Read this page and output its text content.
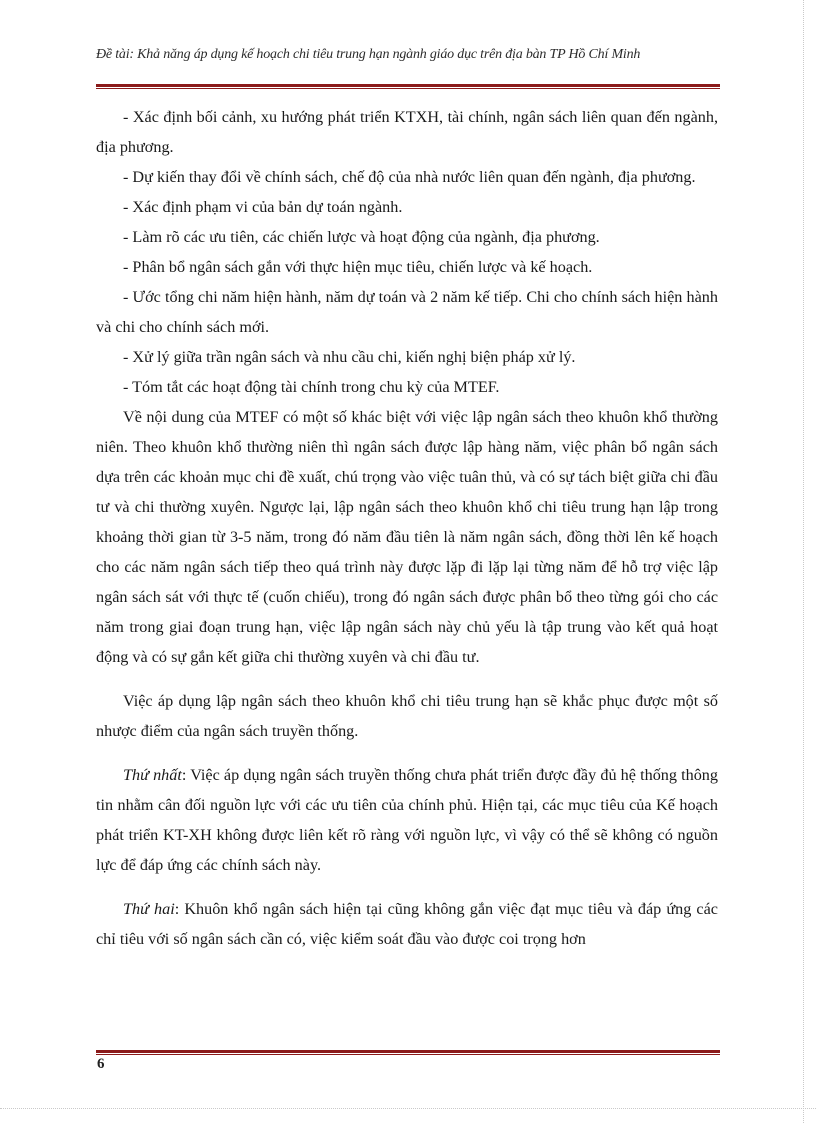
Đề tài: Khả năng áp dụng kế hoạch chi tiêu trung hạn ngành giáo dục trên địa bàn TP Hồ Chí Minh

- Xác định bối cảnh, xu hướng phát triển KTXH, tài chính, ngân sách liên quan đến ngành, địa phương.

- Dự kiến thay đổi về chính sách, chế độ của nhà nước liên quan đến ngành, địa phương.

- Xác định phạm vi của bản dự toán ngành.

- Làm rõ các ưu tiên, các chiến lược và hoạt động của ngành, địa phương.

- Phân bổ ngân sách gắn với thực hiện mục tiêu, chiến lược và kế hoạch.

- Ước tổng chi năm hiện hành, năm dự toán và 2 năm kế tiếp. Chi cho chính sách hiện hành và chi cho chính sách mới.

- Xử lý giữa trần ngân sách và nhu cầu chi, kiến nghị biện pháp xử lý.

- Tóm tắt các hoạt động tài chính trong chu kỳ của MTEF.

Về nội dung của MTEF có một số khác biệt với việc lập ngân sách theo khuôn khổ thường niên. Theo khuôn khổ thường niên thì ngân sách được lập hàng năm, việc phân bổ ngân sách dựa trên các khoản mục chi đề xuất, chú trọng vào việc tuân thủ, và có sự tách biệt giữa chi đầu tư và chi thường xuyên. Ngược lại, lập ngân sách theo khuôn khổ chi tiêu trung hạn lập trong khoảng thời gian từ 3-5 năm, trong đó năm đầu tiên là năm ngân sách, đồng thời lên kế hoạch cho các năm ngân sách tiếp theo quá trình này được lặp đi lặp lại từng năm để hỗ trợ việc lập ngân sách sát với thực tế (cuốn chiếu), trong đó ngân sách được phân bổ theo từng gói cho các năm trong giai đoạn trung hạn, việc lập ngân sách này chủ yếu là tập trung vào kết quả hoạt động và có sự gắn kết giữa chi thường xuyên và chi đầu tư.

Việc áp dụng lập ngân sách theo khuôn khổ chi tiêu trung hạn sẽ khắc phục được một số nhược điểm của ngân sách truyền thống.

Thứ nhất: Việc áp dụng ngân sách truyền thống chưa phát triển được đầy đủ hệ thống thông tin nhằm cân đối nguồn lực với các ưu tiên của chính phủ. Hiện tại, các mục tiêu của Kế hoạch phát triển KT-XH không được liên kết rõ ràng với nguồn lực, vì vậy có thể sẽ không có nguồn lực để đáp ứng các chính sách này.

Thứ hai: Khuôn khổ ngân sách hiện tại cũng không gắn việc đạt mục tiêu và đáp ứng các chỉ tiêu với số ngân sách cần có, việc kiểm soát đầu vào được coi trọng hơn

6
